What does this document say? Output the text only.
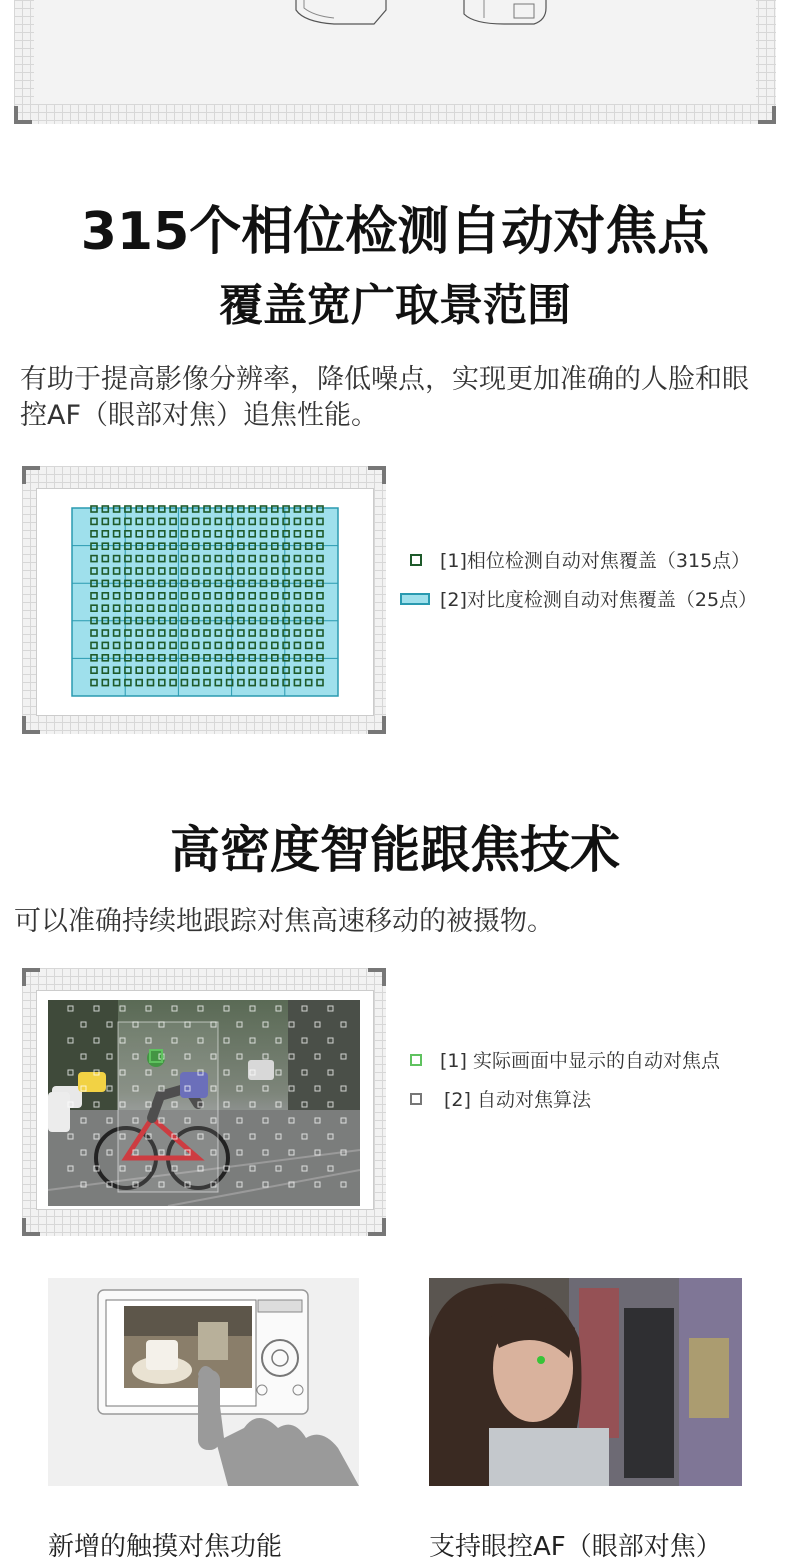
315个相位检测自动对焦点
覆盖宽广取景范围
有助于提高影像分辨率，降低噪点，实现更加准确的人脸和眼控AF（眼部对焦）追焦性能。
[1]相位检测自动对焦覆盖（315点）
[2]对比度检测自动对焦覆盖（25点）
高密度智能跟焦技术
可以准确持续地跟踪对焦高速移动的被摄物。
[1] 实际画面中显示的自动对焦点
[2] 自动对焦算法
新增的触摸对焦功能	支持眼控AF（眼部对焦）
